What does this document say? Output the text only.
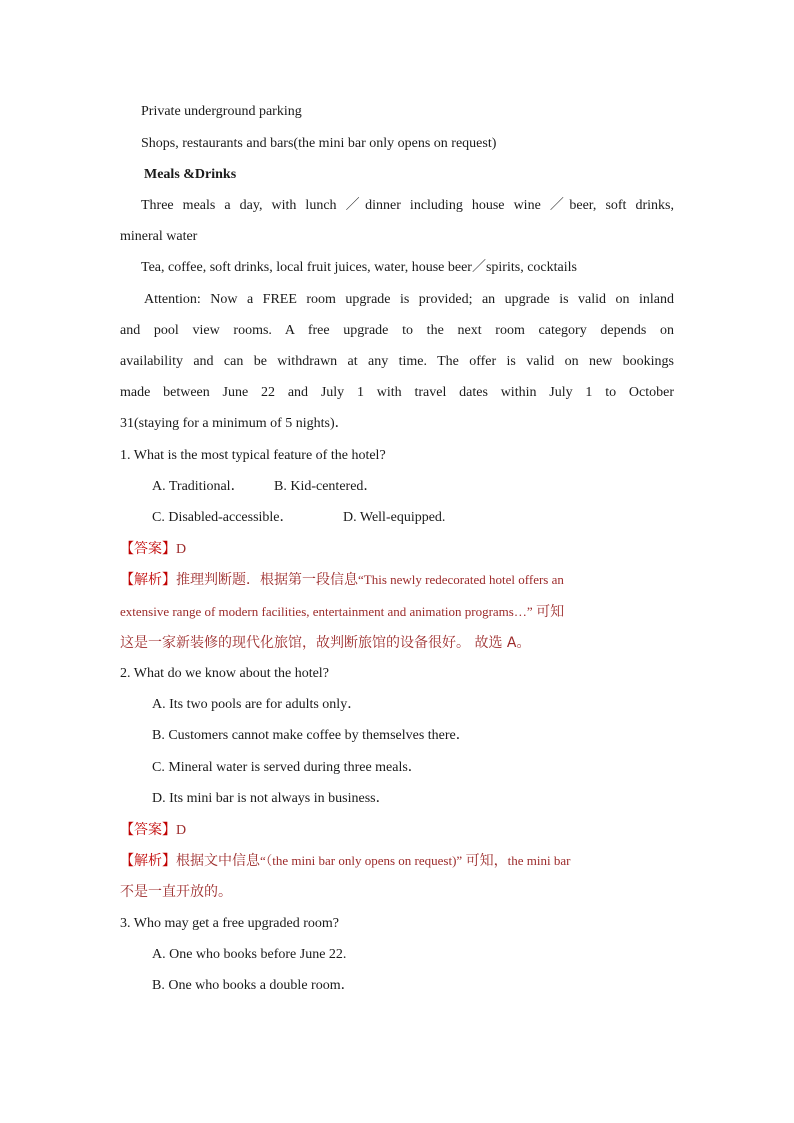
Private underground parking
Shops, restaurants and bars(the mini bar only opens on request)
Meals &Drinks
Three meals a day, with lunch ／dinner including house wine ／beer, soft drinks,
mineral water
Tea, coffee, soft drinks, local fruit juices, water, house beer／spirits, cocktails
Attention: Now a FREE room upgrade is provided; an upgrade is valid on inland
and pool view rooms. A free upgrade to the next room category depends on
availability and can be withdrawn at any time. The offer is valid on new bookings
made between June 22 and July 1 with travel dates within July 1 to October
31(staying for a minimum of 5 nights)．
1. What is the most typical feature of the hotel?
A. Traditional． B. Kid-centered．
C. Disabled-accessible．	D. Well-equipped.
【答案】D
【解析】推理判断题．根据第一段信息“This newly redecorated hotel offers an
extensive range of modern facilities, entertainment and animation programs…” 可知
这是一家新装修的现代化旅馆，故判断旅馆的设备很好。 故选 A。
2. What do we know about the hotel?
A. Its two pools are for adults only．
B. Customers cannot make coffee by themselves there．
C. Mineral water is served during three meals．
D. Its mini bar is not always in business．
【答案】D
【解析】根据文中信息“（the mini bar only opens on request)” 可知，the mini bar
不是一直开放的。
3. Who may get a free upgraded room?
A. One who books before June 22.
B. One who books a double room．
